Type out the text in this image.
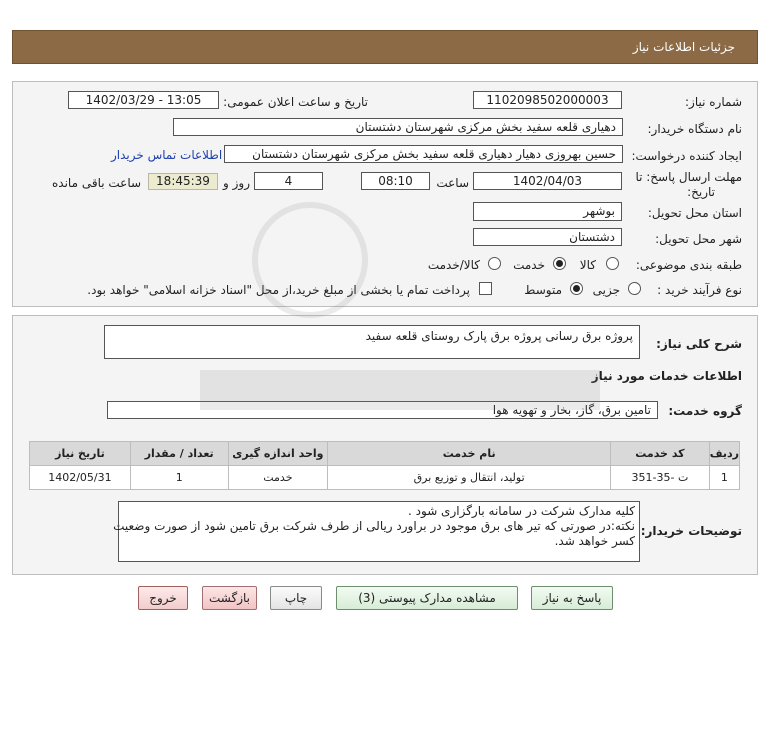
جزئیات اطلاعات نیاز
شماره نیاز:
1102098502000003
تاریخ و ساعت اعلان عمومی:
1402/03/29 - 13:05
نام دستگاه خریدار:
دهیاری قلعه سفید بخش مرکزی شهرستان دشتستان
ایجاد کننده درخواست:
حسین بهروزی دهیار دهیاری قلعه سفید بخش مرکزی شهرستان دشتستان
اطلاعات تماس خریدار
مهلت ارسال پاسخ: تا
تاریخ:
1402/04/03
ساعت
08:10
4
روز و
18:45:39
ساعت باقی مانده
استان محل تحویل:
بوشهر
شهر محل تحویل:
دشتستان
طبقه بندی موضوعی:
کالا
خدمت
کالا/خدمت
نوع فرآیند خرید :
جزیی
متوسط
پرداخت تمام یا بخشی از مبلغ خرید،از محل "اسناد خزانه اسلامی" خواهد بود.
شرح کلی نیاز:
پروژه برق رسانی پروژه برق پارک روستای قلعه سفید
اطلاعات خدمات مورد نیاز
گروه خدمت:
تامین برق، گاز، بخار و تهویه هوا
ردیف	کد خدمت	نام خدمت	واحد اندازه گیری	تعداد / مقدار	تاریخ نیاز
1	ت -35-351	تولید، انتقال و توزیع برق	خدمت	1	1402/05/31
توضیحات خریدار:
کلیه مدارک شرکت در سامانه بارگزاری شود .
نکته:در صورتی که تیر های برق موجود در براورد ریالی از طرف شرکت برق تامین شود از صورت وضعیت
کسر خواهد شد.
پاسخ به نیاز
مشاهده مدارک پیوستی (3)
چاپ
بازگشت
خروج
